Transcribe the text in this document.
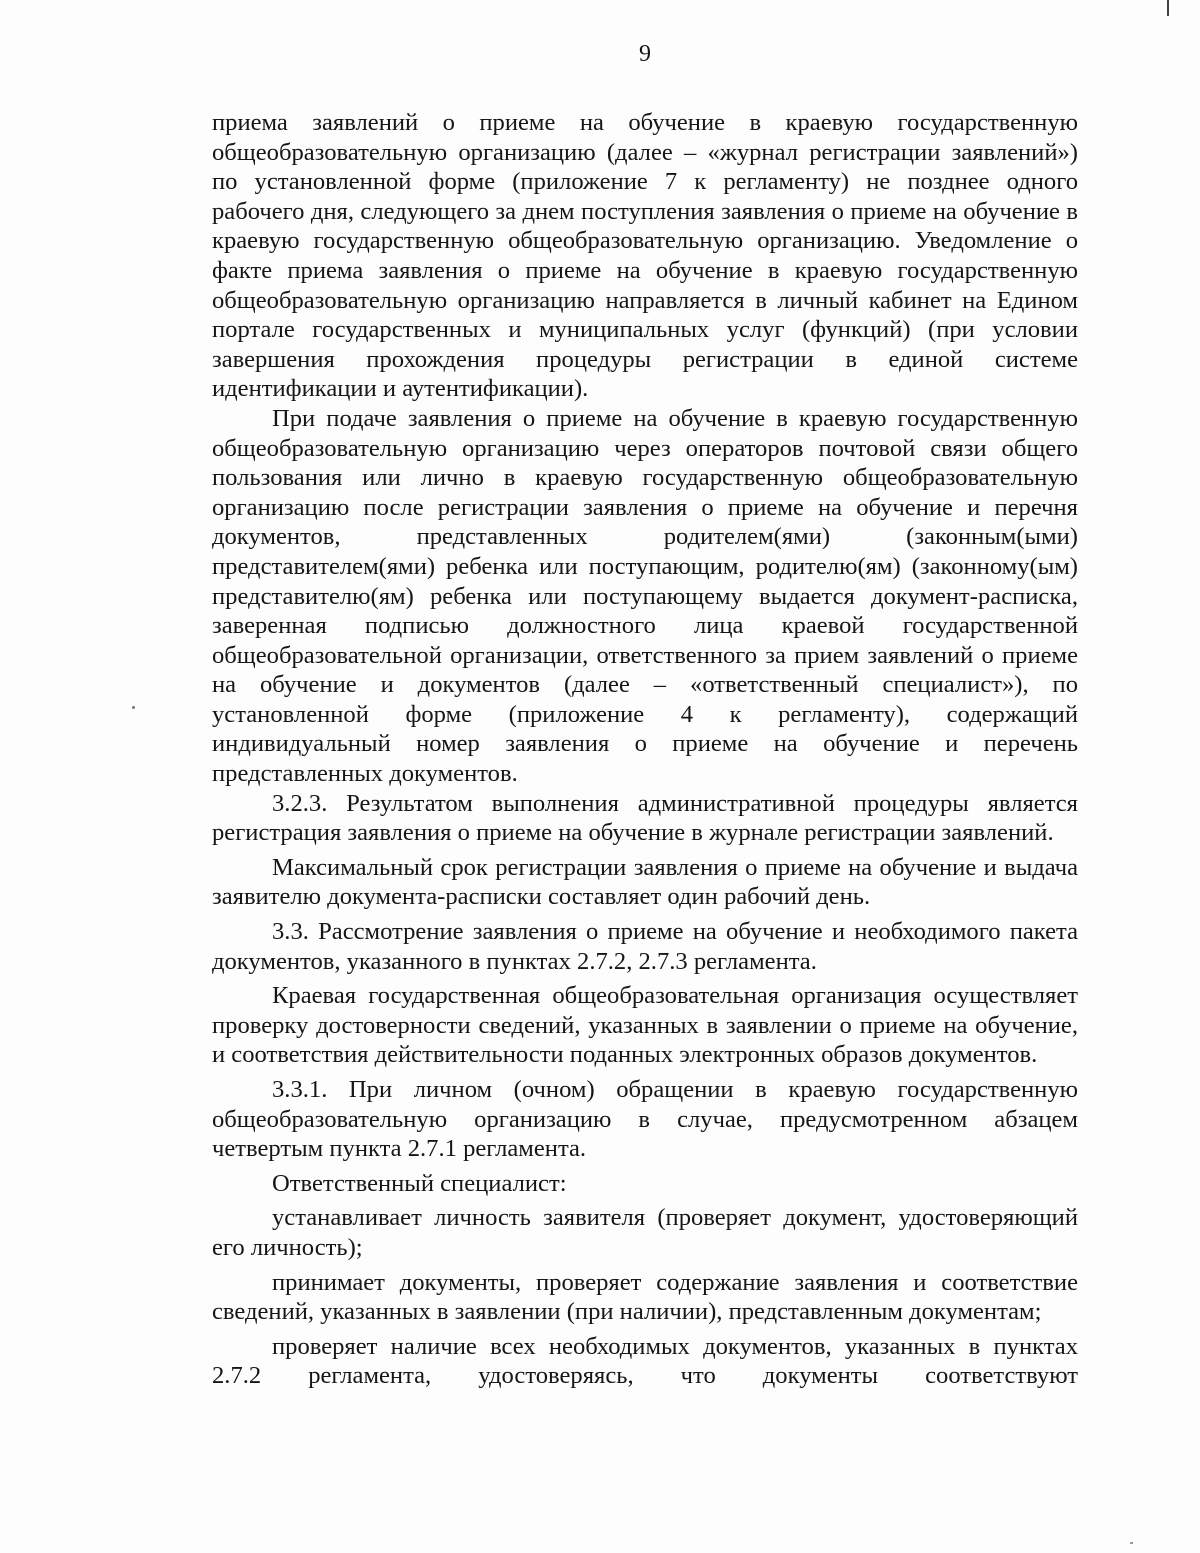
9

приема заявлений о приеме на обучение в краевую государственную общеобразовательную организацию (далее – «журнал регистрации заявлений») по установленной форме (приложение 7 к регламенту) не позднее одного рабочего дня, следующего за днем поступления заявления о приеме на обучение в краевую государственную общеобразовательную организацию. Уведомление о факте приема заявления о приеме на обучение в краевую государственную общеобразовательную организацию направляется в личный кабинет на Едином портале государственных и муниципальных услуг (функций) (при условии завершения прохождения процедуры регистрации в единой системе идентификации и аутентификации).

При подаче заявления о приеме на обучение в краевую государственную общеобразовательную организацию через операторов почтовой связи общего пользования или лично в краевую государственную общеобразовательную организацию после регистрации заявления о приеме на обучение и перечня документов, представленных родителем(ями) (законным(ыми) представителем(ями) ребенка или поступающим, родителю(ям) (законному(ым) представителю(ям) ребенка или поступающему выдается документ-расписка, заверенная подписью должностного лица краевой государственной общеобразовательной организации, ответственного за прием заявлений о приеме на обучение и документов (далее – «ответственный специалист»), по установленной форме (приложение 4 к регламенту), содержащий индивидуальный номер заявления о приеме на обучение и перечень представленных документов.

3.2.3. Результатом выполнения административной процедуры является регистрация заявления о приеме на обучение в журнале регистрации заявлений.

Максимальный срок регистрации заявления о приеме на обучение и выдача заявителю документа-расписки составляет один рабочий день.

3.3. Рассмотрение заявления о приеме на обучение и необходимого пакета документов, указанного в пунктах 2.7.2, 2.7.3 регламента.

Краевая государственная общеобразовательная организация осуществляет проверку достоверности сведений, указанных в заявлении о приеме на обучение, и соответствия действительности поданных электронных образов документов.

3.3.1. При личном (очном) обращении в краевую государственную общеобразовательную организацию в случае, предусмотренном абзацем четвертым пункта 2.7.1 регламента.

Ответственный специалист:

устанавливает личность заявителя (проверяет документ, удостоверяющий его личность);

принимает документы, проверяет содержание заявления и соответствие сведений, указанных в заявлении (при наличии), представленным документам;

проверяет наличие всех необходимых документов, указанных в пунктах 2.7.2 регламента, удостоверяясь, что документы соответствуют
